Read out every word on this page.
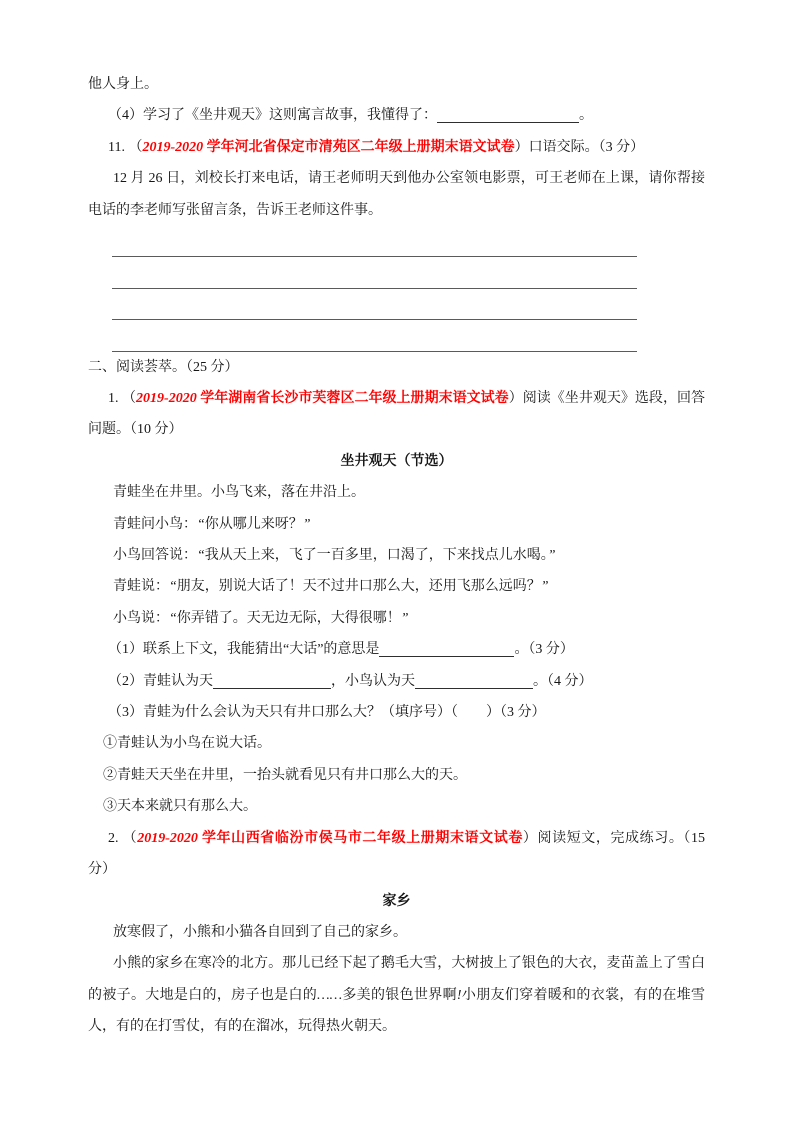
他人身上。

（4）学习了《坐井观天》这则寓言故事，我懂得了：	。

11. （2019-2020 学年河北省保定市清苑区二年级上册期末语文试卷）口语交际。（3 分）

12 月 26 日，刘校长打来电话，请王老师明天到他办公室领电影票，可王老师在上课，请你帮接电话的李老师写张留言条，告诉王老师这件事。

二、阅读荟萃。（25 分）

1. （2019-2020 学年湖南省长沙市芙蓉区二年级上册期末语文试卷）阅读《坐井观天》选段，回答问题。（10 分）

坐井观天（节选）

青蛙坐在井里。小鸟飞来，落在井沿上。

青蛙问小鸟：“你从哪儿来呀？”

小鸟回答说：“我从天上来，飞了一百多里，口渴了，下来找点儿水喝。”

青蛙说：“朋友，别说大话了！天不过井口那么大，还用飞那么远吗？”

小鸟说：“你弄错了。天无边无际，大得很哪！”

（1）联系上下文，我能猜出“大话”的意思是	。（3 分）

（2）青蛙认为天	，小鸟认为天	。（4 分）

（3）青蛙为什么会认为天只有井口那么大？（填序号）（　　）（3 分）

①青蛙认为小鸟在说大话。

②青蛙天天坐在井里，一抬头就看见只有井口那么大的天。

③天本来就只有那么大。

2. （2019-2020 学年山西省临汾市侯马市二年级上册期末语文试卷）阅读短文，完成练习。（15 分）

家乡

放寒假了，小熊和小猫各自回到了自己的家乡。

小熊的家乡在寒冷的北方。那儿已经下起了鹅毛大雪，大树披上了银色的大衣，麦苗盖上了雪白的被子。大地是白的，房子也是白的……多美的银色世界啊!小朋友们穿着暖和的衣裳，有的在堆雪人，有的在打雪仗，有的在溜冰，玩得热火朝天。
